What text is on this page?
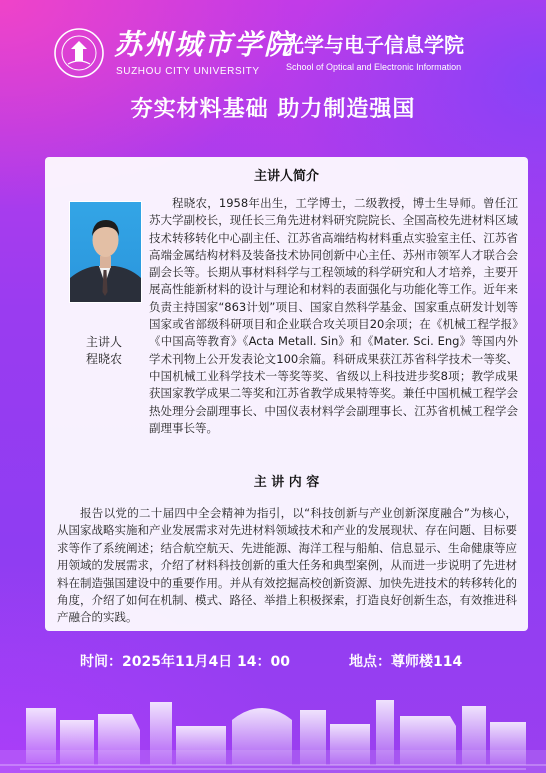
苏州城市学院
SUZHOU CITY UNIVERSITY
光学与电子信息学院
School of Optical and Electronic Information
夯实材料基础 助力制造强国
主讲人简介
主讲人
程晓农

程晓农，1958年出生，工学博士，二级教授，博士生导师。曾任江苏大学副校长，现任长三角先进材料研究院院长、全国高校先进材料区域技术转移转化中心副主任、江苏省高端结构材料重点实验室主任、江苏省高端金属结构材料及装备技术协同创新中心主任、苏州市领军人才联合会副会长等。长期从事材料科学与工程领域的科学研究和人才培养，主要开展高性能新材料的设计与理论和材料的表面强化与功能化等工作。近年来负责主持国家“863计划”项目、国家自然科学基金、国家重点研发计划等国家或省部级科研项目和企业联合攻关项目20余项；在《机械工程学报》《中国高等教育》《Acta Metall. Sin》和《Mater. Sci. Eng》等国内外学术刊物上公开发表论文100余篇。科研成果获江苏省科学技术一等奖、中国机械工业科学技术一等奖等奖、省级以上科技进步奖8项；教学成果获国家教学成果二等奖和江苏省教学成果特等奖。兼任中国机械工程学会热处理分会副理事长、中国仪表材料学会副理事长、江苏省机械工程学会副理事长等。

主 讲 内 容

报告以党的二十届四中全会精神为指引，以“科技创新与产业创新深度融合”为核心，从国家战略实施和产业发展需求对先进材料领域技术和产业的发展现状、存在问题、目标要求等作了系统阐述；结合航空航天、先进能源、海洋工程与船舶、信息显示、生命健康等应用领域的发展需求，介绍了材料科技创新的重大任务和典型案例，从而进一步说明了先进材料在制造强国建设中的重要作用。并从有效挖掘高校创新资源、加快先进技术的转移转化的角度，介绍了如何在机制、模式、路径、举措上积极探索，打造良好创新生态，有效推进科产融合的实践。

时间：2025年11月4日 14：00	地点：尊师楼114
